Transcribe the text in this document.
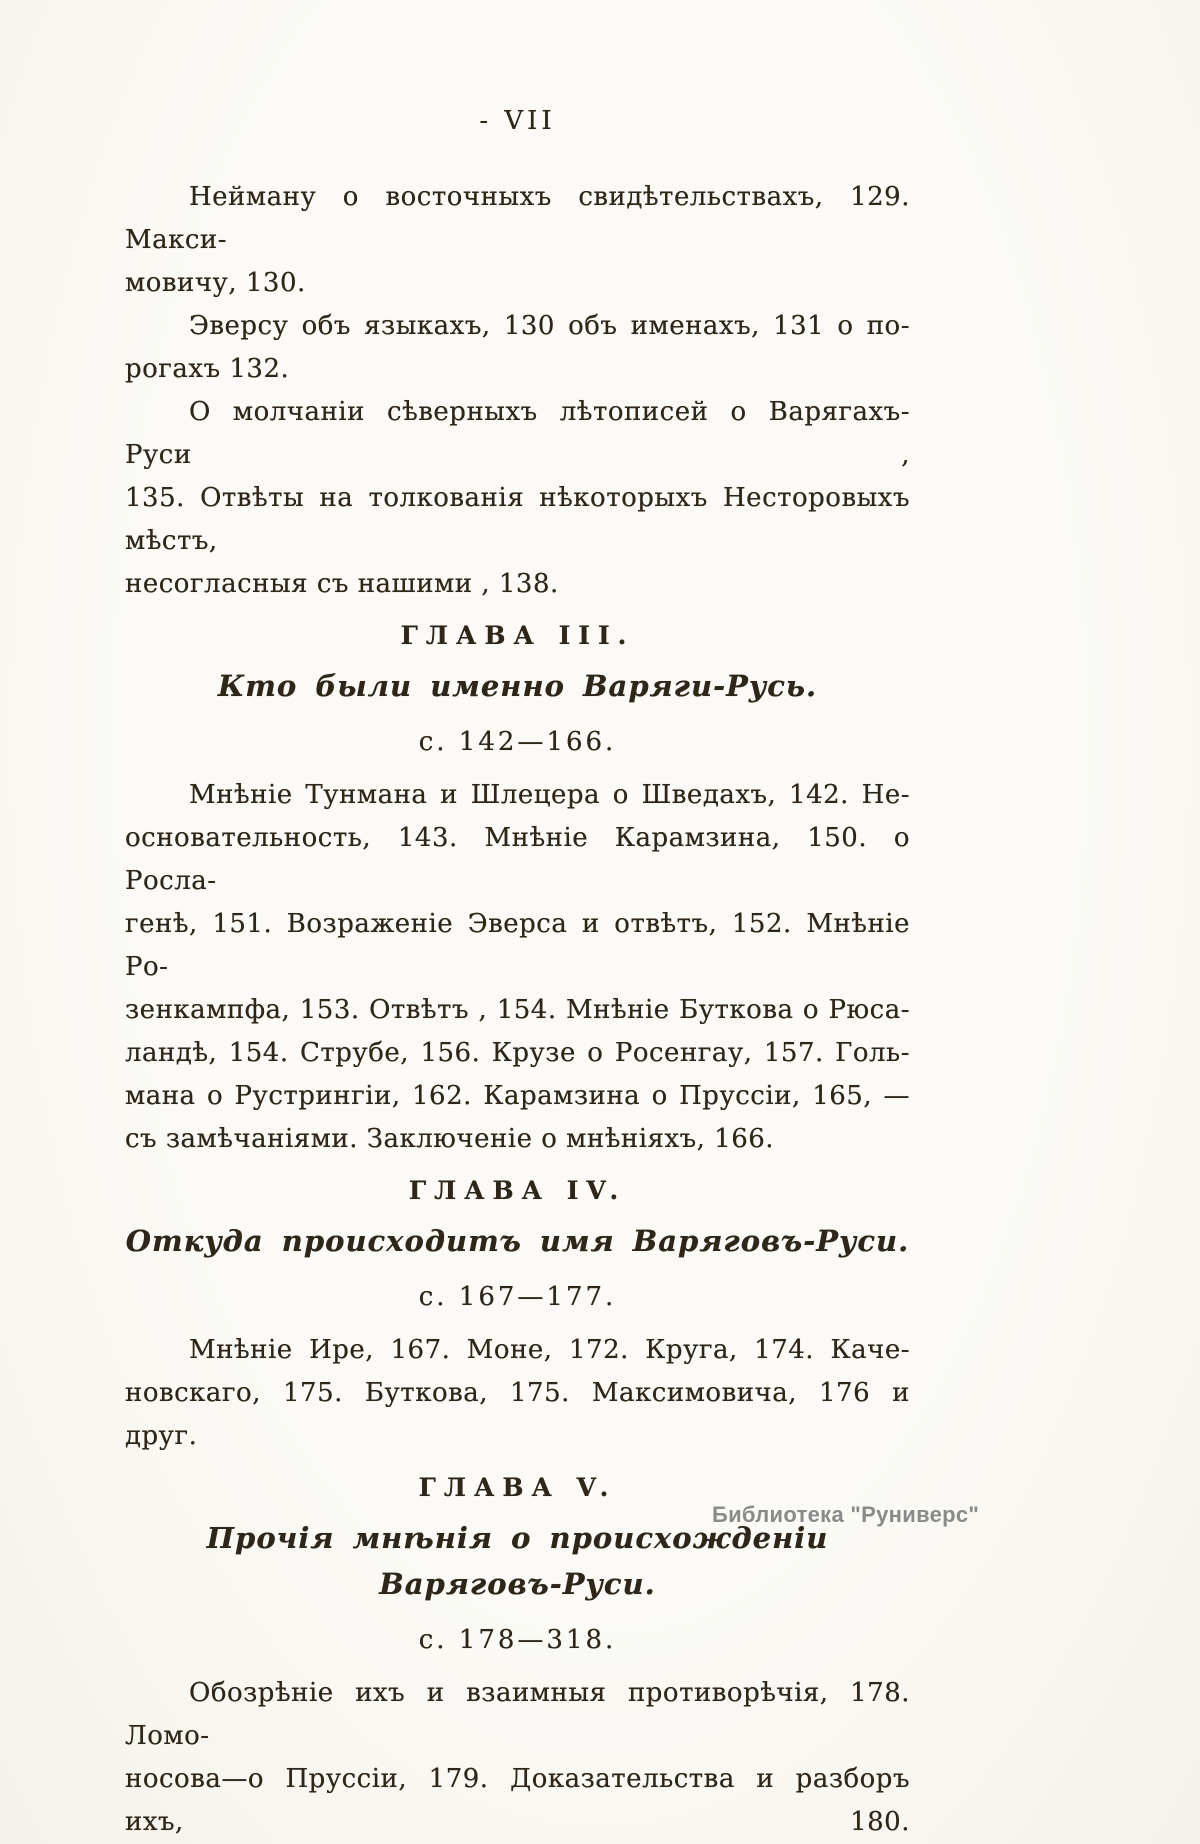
- VII
Нейману о восточныхъ свидѣтельствахъ, 129. Макси-
мовичу, 130.
Эверсу объ языкахъ, 130 объ именахъ, 131 о по-
рогахъ 132.
О молчаніи сѣверныхъ лѣтописей о Варягахъ-Руси ,
135. Отвѣты на толкованія нѣкоторыхъ Несторовыхъ мѣстъ,
несогласныя съ нашими , 138.
ГЛАВА III.
Кто были именно Варяги-Русь.
с. 142—166.
Мнѣніе Тунмана и Шлецера о Шведахъ, 142. Не-
основательность, 143. Мнѣніе Карамзина, 150. о Росла-
генѣ, 151. Возраженіе Эверса и отвѣтъ, 152. Мнѣніе Ро-
зенкампфа, 153. Отвѣтъ , 154. Мнѣніе Буткова о Рюса-
ландѣ, 154. Струбе, 156. Крузе о Росенгау, 157. Голь-
мана о Рустрингіи, 162. Карамзина о Пруссіи, 165, —
съ замѣчаніями. Заключеніе о мнѣніяхъ, 166.
ГЛАВА IV.
Откуда происходитъ имя Варяговъ-Руси.
с. 167—177.
Мнѣніе Ире, 167. Моне, 172. Круга, 174. Каче-
новскаго, 175. Буткова, 175. Максимовича, 176 и друг.
ГЛАВА V.
Прочія мнѣнія о происхожденіи Варяговъ-Руси.
с. 178—318.
Обозрѣніе ихъ и взаимныя противорѣчія, 178. Ломо-
носова—о Пруссіи, 179. Доказательства и разборъ ихъ, 180.
Библиотека "Руниверс"
